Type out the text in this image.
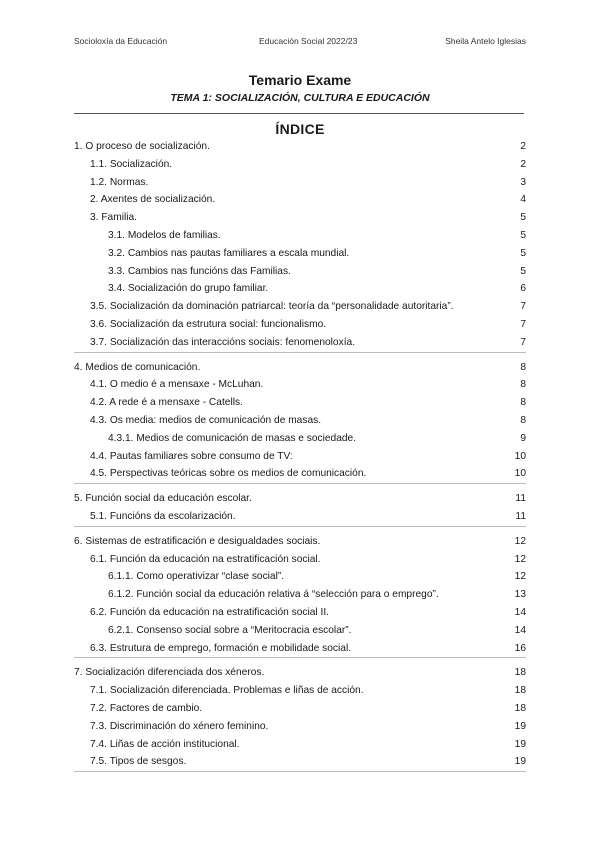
Socioloxía da Educación	Educación Social 2022/23	Sheila Antelo Iglesias
Temario Exame
TEMA 1: SOCIALIZACIÓN, CULTURA E EDUCACIÓN
ÍNDICE
1. O proceso de socialización.	2
1.1. Socialización.	2
1.2. Normas.	3
2. Axentes de socialización.	4
3. Familia.	5
3.1. Modelos de familias.	5
3.2. Cambios nas pautas familiares a escala mundial.	5
3.3. Cambios nas funcións das Familias.	5
3.4. Socialización do grupo familiar.	6
3.5. Socialización da dominación patriarcal: teoría da “personalidade autoritaria”.	7
3.6. Socialización da estrutura social: funcionalismo.	7
3.7. Socialización das interaccións sociais: fenomenoloxía.	7
4. Medios de comunicación.	8
4.1. O medio é a mensaxe - McLuhan.	8
4.2. A rede é a mensaxe - Catells.	8
4.3. Os media: medios de comunicación de masas.	8
4.3.1. Medios de comunicación de masas e sociedade.	9
4.4. Pautas familiares sobre consumo de TV:	10
4.5. Perspectivas teóricas sobre os medios de comunicación.	10
5. Función social da educación escolar.	11
5.1. Funcións da escolarización.	11
6. Sistemas de estratificación e desigualdades sociais.	12
6.1. Función da educación na estratificación social.	12
6.1.1. Como operativizar “clase social”.	12
6.1.2. Función social da educación relativa á “selección para o emprego”.	13
6.2. Función da educación na estratificación social II.	14
6.2.1. Consenso social sobre a “Meritocracia escolar”.	14
6.3. Estrutura de emprego, formación e mobilidade social.	16
7. Socialización diferenciada dos xéneros.	18
7.1. Socialización diferenciada. Problemas e liñas de acción.	18
7.2. Factores de cambio.	18
7.3. Discriminación do xénero feminino.	19
7.4. Liñas de acción institucional.	19
7.5. Tipos de sesgos.	19
